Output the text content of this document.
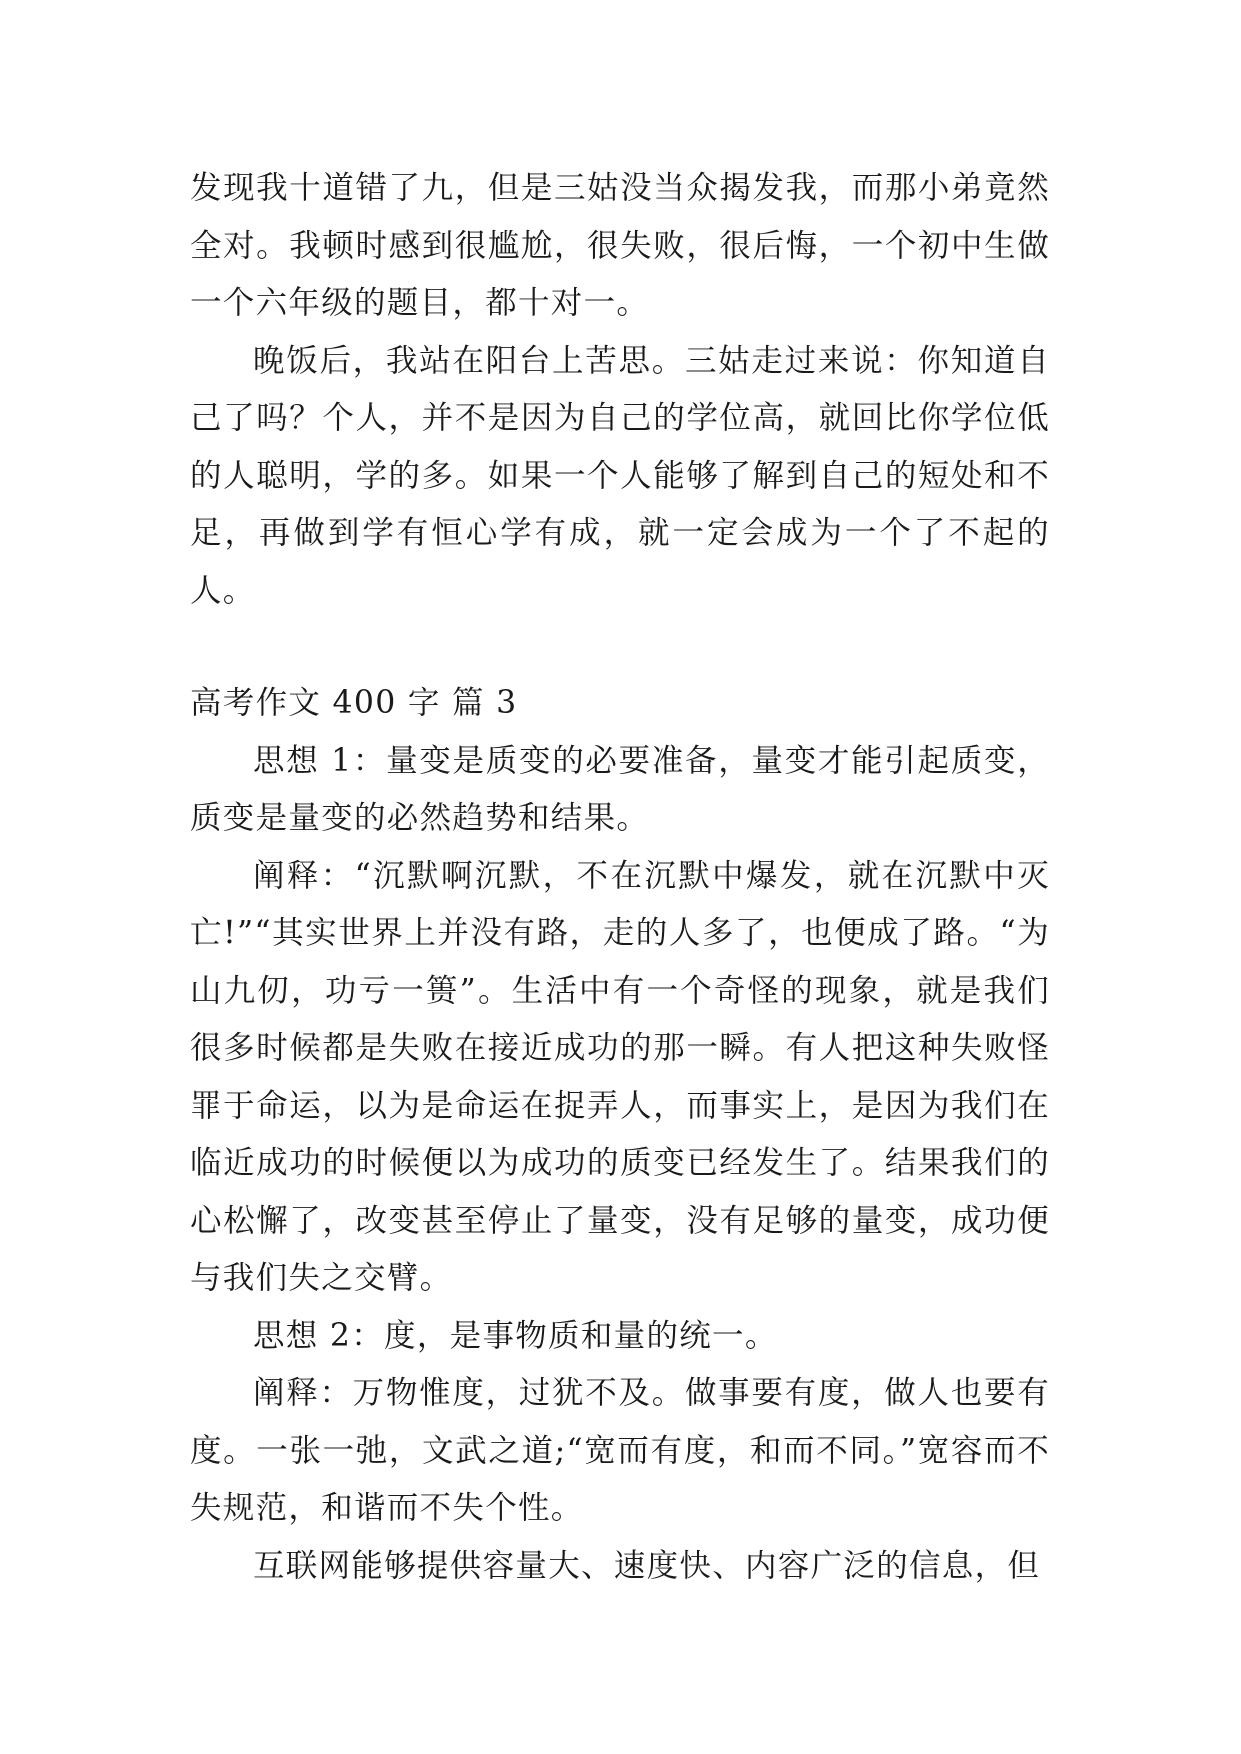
发现我十道错了九，但是三姑没当众揭发我，而那小弟竟然全对。我顿时感到很尴尬，很失败，很后悔，一个初中生做一个六年级的题目，都十对一。

晚饭后，我站在阳台上苦思。三姑走过来说：你知道自己了吗？个人，并不是因为自己的学位高，就回比你学位低的人聪明，学的多。如果一个人能够了解到自己的短处和不足，再做到学有恒心学有成，就一定会成为一个了不起的人。

高考作文 400 字 篇 3

思想 1：量变是质变的必要准备，量变才能引起质变，质变是量变的必然趋势和结果。

阐释：“沉默啊沉默，不在沉默中爆发，就在沉默中灭亡!”“其实世界上并没有路，走的人多了，也便成了路。“为山九仞，功亏一篑”。生活中有一个奇怪的现象，就是我们很多时候都是失败在接近成功的那一瞬。有人把这种失败怪罪于命运，以为是命运在捉弄人，而事实上，是因为我们在临近成功的时候便以为成功的质变已经发生了。结果我们的心松懈了，改变甚至停止了量变，没有足够的量变，成功便与我们失之交臂。

思想 2：度，是事物质和量的统一。

阐释：万物惟度，过犹不及。做事要有度，做人也要有度。一张一弛，文武之道;“宽而有度，和而不同。”宽容而不失规范，和谐而不失个性。

互联网能够提供容量大、速度快、内容广泛的信息，但
